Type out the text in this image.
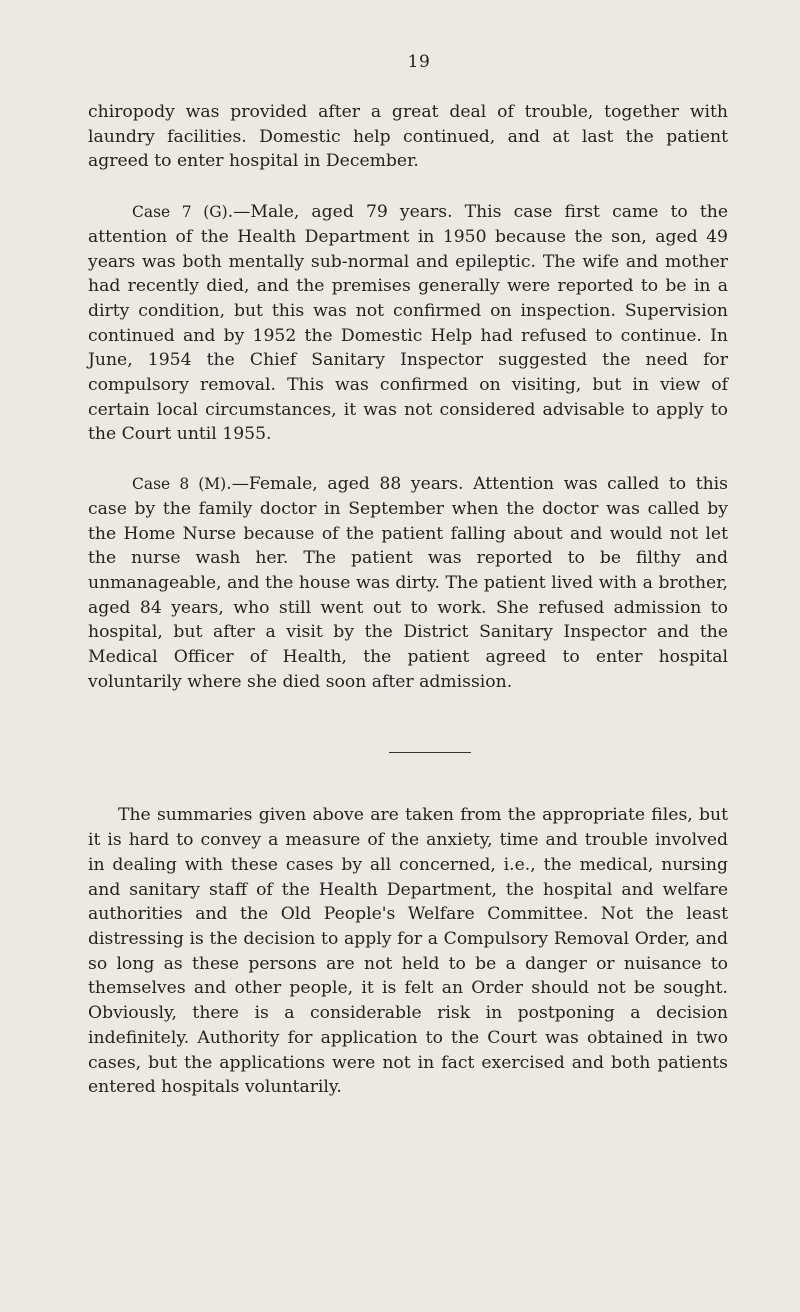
19

chiropody was provided after a great deal of trouble, together with laundry facilities. Domestic help continued, and at last the patient agreed to enter hospital in December.

Case 7 (G).—Male, aged 79 years. This case first came to the attention of the Health Department in 1950 because the son, aged 49 years was both mentally sub-normal and epileptic. The wife and mother had recently died, and the premises generally were reported to be in a dirty condition, but this was not confirmed on inspection. Supervision continued and by 1952 the Domestic Help had refused to continue. In June, 1954 the Chief Sanitary Inspector suggested the need for compulsory removal. This was confirmed on visiting, but in view of certain local circumstances, it was not considered advisable to apply to the Court until 1955.

Case 8 (M).—Female, aged 88 years. Attention was called to this case by the family doctor in September when the doctor was called by the Home Nurse because of the patient falling about and would not let the nurse wash her. The patient was reported to be filthy and unmanageable, and the house was dirty. The patient lived with a brother, aged 84 years, who still went out to work. She refused admission to hospital, but after a visit by the District Sanitary Inspector and the Medical Officer of Health, the patient agreed to enter hospital voluntarily where she died soon after admission.

The summaries given above are taken from the appropriate files, but it is hard to convey a measure of the anxiety, time and trouble involved in dealing with these cases by all concerned, i.e., the medical, nursing and sanitary staff of the Health Department, the hospital and welfare authorities and the Old People's Welfare Committee. Not the least distressing is the decision to apply for a Compulsory Removal Order, and so long as these persons are not held to be a danger or nuisance to themselves and other people, it is felt an Order should not be sought. Obviously, there is a considerable risk in postponing a decision indefinitely. Authority for application to the Court was obtained in two cases, but the applications were not in fact exercised and both patients entered hospitals voluntarily.
